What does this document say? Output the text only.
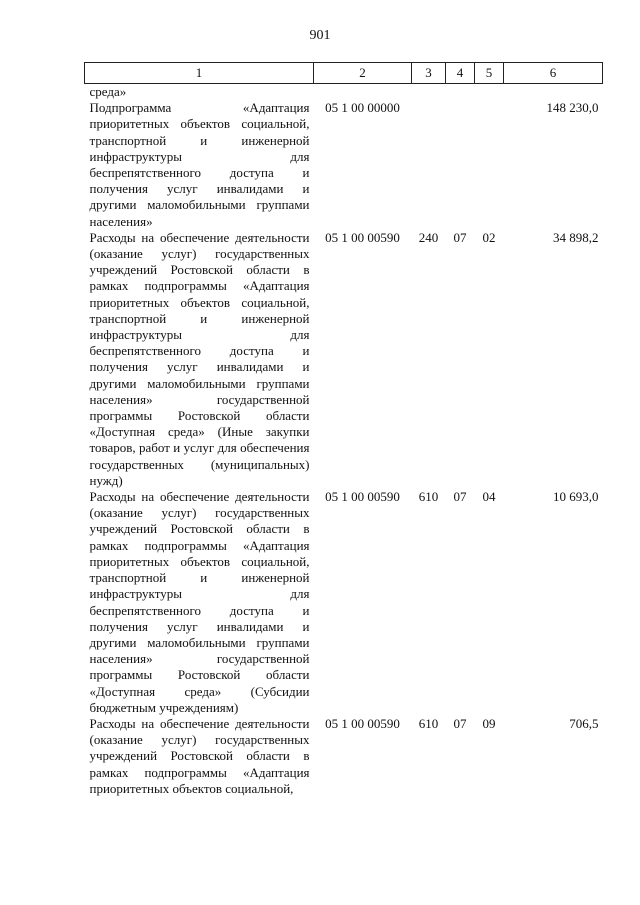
901
1	2	3	4	5	6
среда»					
Подпрограмма «Адаптация приоритетных объектов социальной, транспортной и инженерной инфраструктуры для беспрепятственного доступа и получения услуг инвалидами и другими маломобильными группами населения»	05 1 00 00000				148 230,0
Расходы на обеспечение деятельности (оказание услуг) государственных учреждений Ростовской области в рамках подпрограммы «Адаптация приоритетных объектов социальной, транспортной и инженерной инфраструктуры для беспрепятственного доступа и получения услуг инвалидами и другими маломобильными группами населения» государственной программы Ростовской области «Доступная среда» (Иные закупки товаров, работ и услуг для обеспечения государственных (муниципальных) нужд)	05 1 00 00590	240	07	02	34 898,2
Расходы на обеспечение деятельности (оказание услуг) государственных учреждений Ростовской области в рамках подпрограммы «Адаптация приоритетных объектов социальной, транспортной и инженерной инфраструктуры для беспрепятственного доступа и получения услуг инвалидами и другими маломобильными группами населения» государственной программы Ростовской области «Доступная среда» (Субсидии бюджетным учреждениям)	05 1 00 00590	610	07	04	10 693,0
Расходы на обеспечение деятельности (оказание услуг) государственных учреждений Ростовской области в рамках подпрограммы «Адаптация приоритетных объектов социальной,	05 1 00 00590	610	07	09	706,5
